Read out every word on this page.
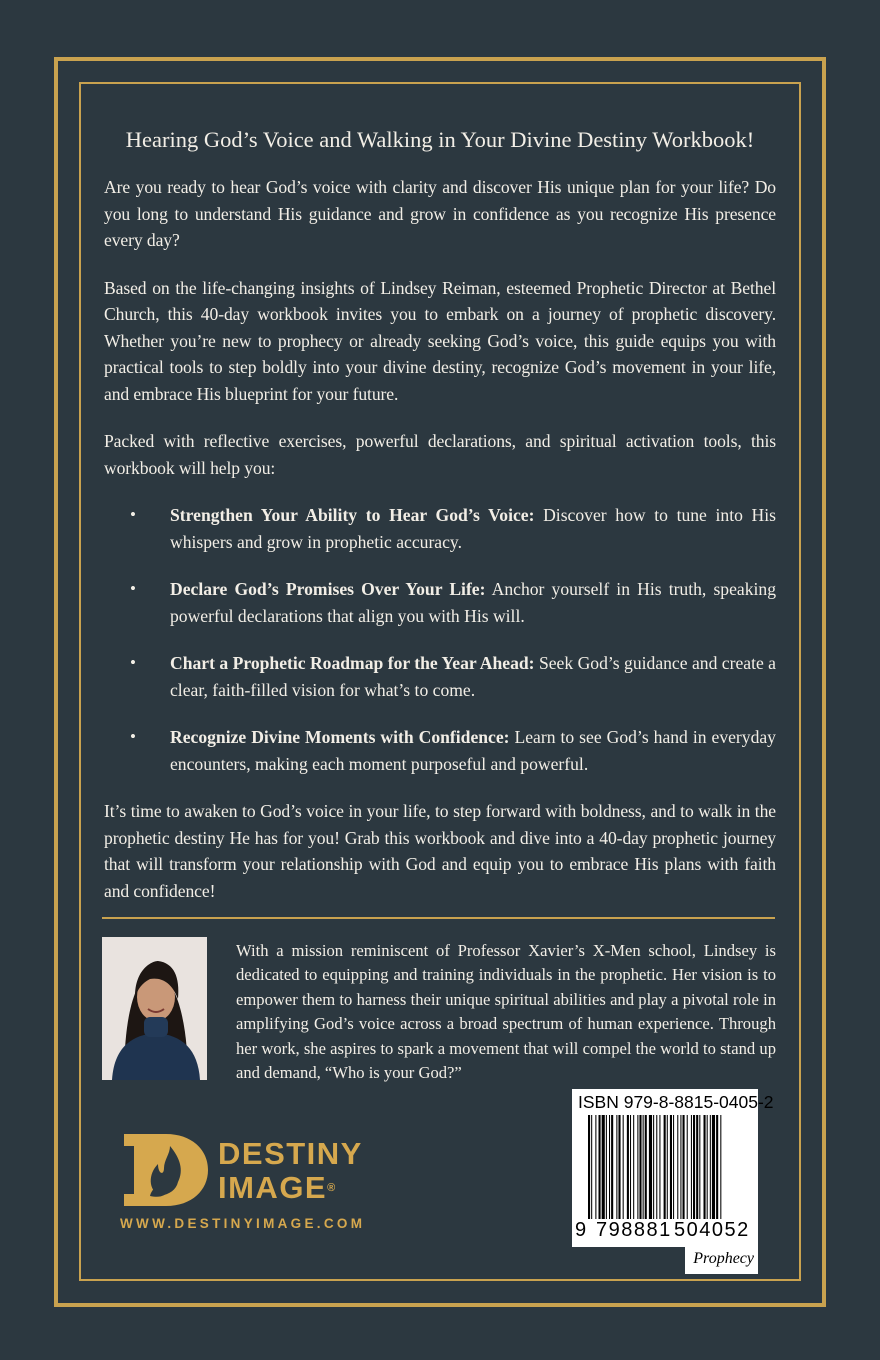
Hearing God’s Voice and Walking in Your Divine Destiny Workbook!

Are you ready to hear God’s voice with clarity and discover His unique plan for your life? Do you long to understand His guidance and grow in confidence as you recognize His presence every day?

Based on the life-changing insights of Lindsey Reiman, esteemed Prophetic Director at Bethel Church, this 40-day workbook invites you to embark on a journey of prophetic discovery. Whether you’re new to prophecy or already seeking God’s voice, this guide equips you with practical tools to step boldly into your divine destiny, recognize God’s movement in your life, and embrace His blueprint for your future.

Packed with reflective exercises, powerful declarations, and spiritual activation tools, this workbook will help you:

• Strengthen Your Ability to Hear God’s Voice: Discover how to tune into His whispers and grow in prophetic accuracy.
• Declare God’s Promises Over Your Life: Anchor yourself in His truth, speaking powerful declarations that align you with His will.
• Chart a Prophetic Roadmap for the Year Ahead: Seek God’s guidance and create a clear, faith-filled vision for what’s to come.
• Recognize Divine Moments with Confidence: Learn to see God’s hand in everyday encounters, making each moment purposeful and powerful.

It’s time to awaken to God’s voice in your life, to step forward with boldness, and to walk in the prophetic destiny He has for you! Grab this workbook and dive into a 40-day prophetic journey that will transform your relationship with God and equip you to embrace His plans with faith and confidence!

With a mission reminiscent of Professor Xavier’s X-Men school, Lindsey is dedicated to equipping and training individuals in the prophetic. Her vision is to empower them to harness their unique spiritual abilities and play a pivotal role in amplifying God’s voice across a broad spectrum of human experience. Through her work, she aspires to spark a movement that will compel the world to stand up and demand, “Who is your God?”

DESTINY
IMAGE®
WWW.DESTINYIMAGE.COM
ISBN 979-8-8815-0405-2
9 798881 504052
Prophecy
